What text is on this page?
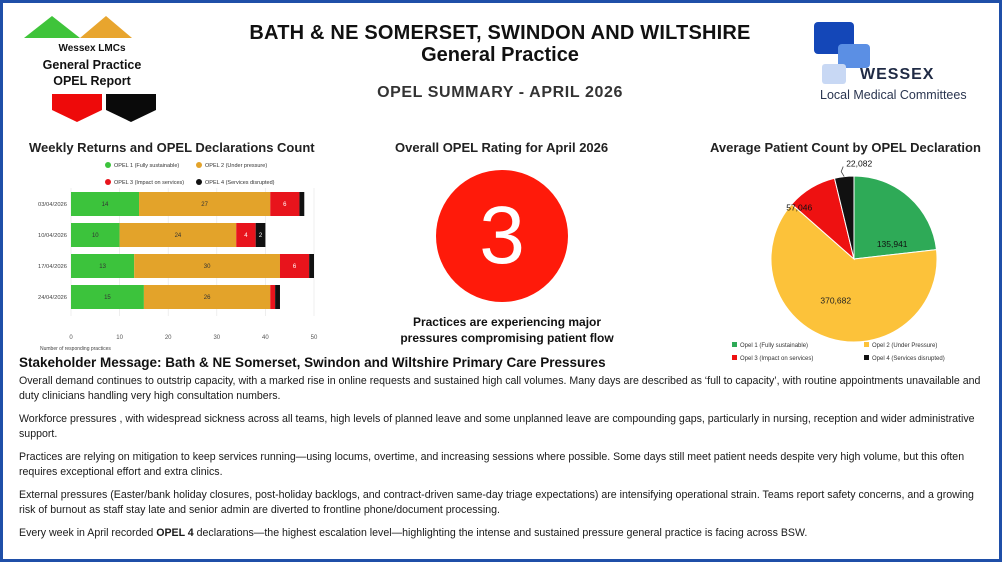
Wessex LMCs
General Practice
OPEL Report
BATH & NE SOMERSET, SWINDON AND WILTSHIRE
General Practice
OPEL SUMMARY - APRIL 2026
WESSEX
Local Medical Committees
Weekly Returns and OPEL Declarations Count
OPEL 1 (Fully sustainable)	OPEL 2 (Under pressure)
OPEL 3 (Impact on services)	OPEL 4 (Services disrupted)
0	10	20	30	40	50
Number of responding practices
03/04/2026	14	27	6
10/04/2026	10	24	4 2
17/04/2026	13	30	6
24/04/2026	15	26
Overall OPEL Rating for April 2026
3
Practices are experiencing major pressures compromising patient flow
Average Patient Count by OPEL Declaration
135,941
370,682
57,046
22,082
Opel 1 (Fully sustainable)	Opel 2 (Under Pressure)
Opel 3 (Impact on services)	Opel 4 (Services disrupted)
Stakeholder Message: Bath & NE Somerset, Swindon and Wiltshire Primary Care Pressures

Overall demand continues to outstrip capacity, with a marked rise in online requests and sustained high call volumes. Many days are described as ‘full to capacity’, with routine appointments unavailable and duty clinicians handling very high consultation numbers.

Workforce pressures , with widespread sickness across all teams, high levels of planned leave and some unplanned leave are compounding gaps, particularly in nursing, reception and wider administrative support.

Practices are relying on mitigation to keep services running—using locums, overtime, and increasing sessions where possible. Some days still meet patient needs despite very high volume, but this often requires exceptional effort and extra clinics.

External pressures (Easter/bank holiday closures, post-holiday backlogs, and contract-driven same-day triage expectations) are intensifying operational strain. Teams report safety concerns, and a growing risk of burnout as staff stay late and senior admin are diverted to frontline phone/document processing.

Every week in April recorded OPEL 4 declarations—the highest escalation level—highlighting the intense and sustained pressure general practice is facing across BSW.
